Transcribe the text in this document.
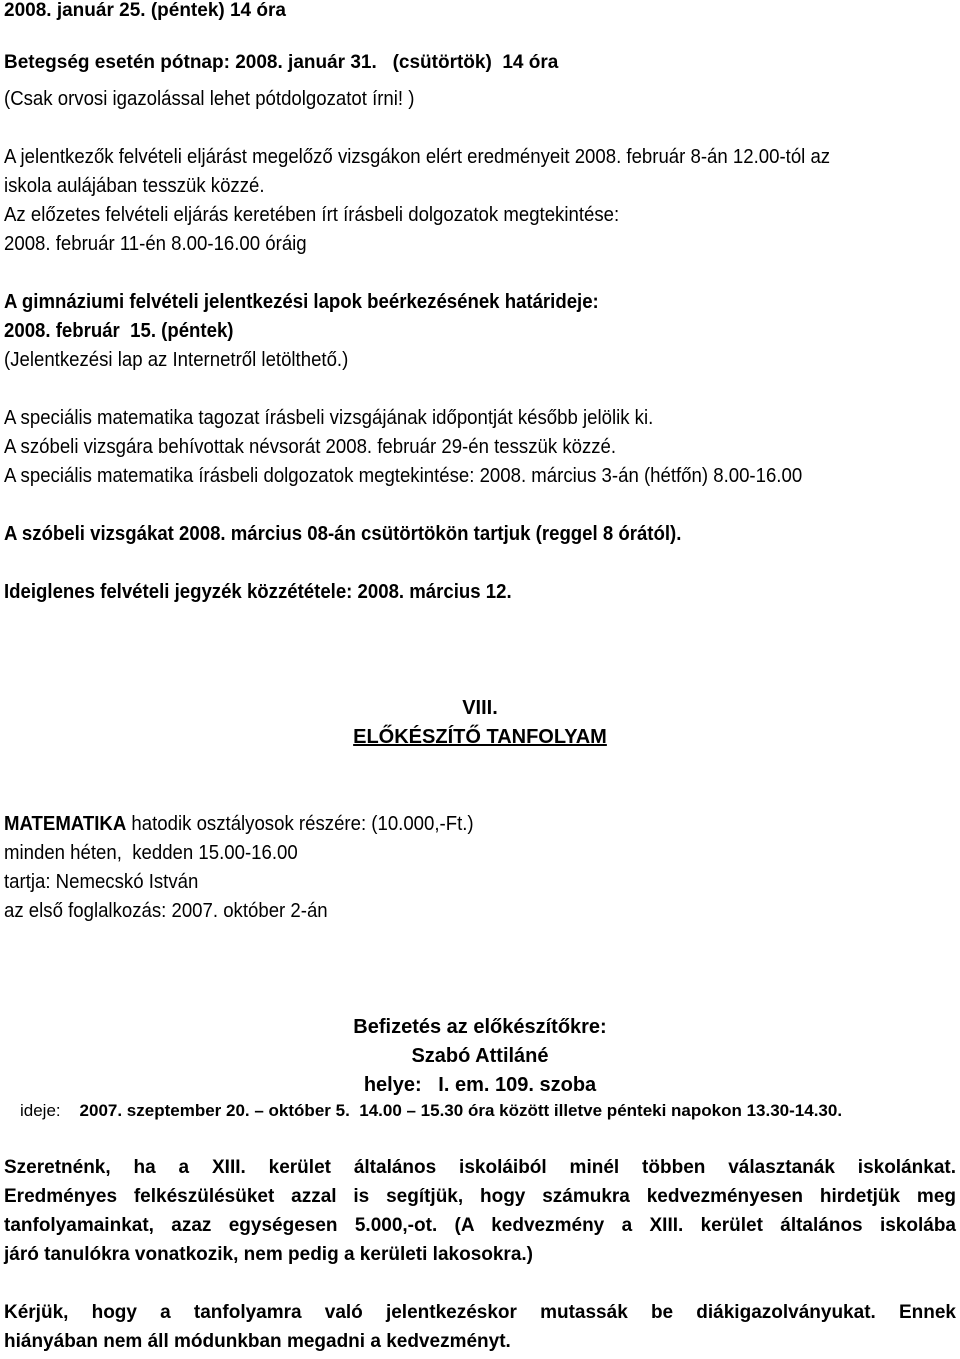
2008. január 25. (péntek) 14 óra
Betegség esetén pótnap: 2008. január 31.   (csütörtök)  14 óra
(Csak orvosi igazolással lehet pótdolgozatot írni! )
A jelentkezők felvételi eljárást megelőző vizsgákon elért eredményeit 2008. február 8-án 12.00-tól az
iskola aulájában tesszük közzé.
Az előzetes felvételi eljárás keretében írt írásbeli dolgozatok megtekintése:
2008. február 11-én 8.00-16.00 óráig
A gimnáziumi felvételi jelentkezési lapok beérkezésének határideje:
2008. február  15. (péntek)
(Jelentkezési lap az Internetről letölthető.)
A speciális matematika tagozat írásbeli vizsgájának időpontját később jelölik ki.
A szóbeli vizsgára behívottak névsorát 2008. február 29-én tesszük közzé.
A speciális matematika írásbeli dolgozatok megtekintése: 2008. március 3-án (hétfőn) 8.00-16.00
A szóbeli vizsgákat 2008. március 08-án csütörtökön tartjuk (reggel 8 órától).
Ideiglenes felvételi jegyzék közzététele: 2008. március 12.
VIII.
ELŐKÉSZÍTŐ TANFOLYAM
MATEMATIKA hatodik osztályosok részére: (10.000,-Ft.)
minden héten,  kedden 15.00-16.00
tartja: Nemecskó István
az első foglalkozás: 2007. október 2-án
Befizetés az előkészítőkre:
Szabó Attiláné
helye:   I. em. 109. szoba
ideje: 2007. szeptember 20. – október 5.  14.00 – 15.30 óra között illetve pénteki napokon 13.30-14.30.
Szeretnénk, ha a XIII. kerület általános iskoláiból minél többen választanák iskolánkat.
Eredményes felkészülésüket azzal is segítjük, hogy számukra kedvezményesen hirdetjük meg
tanfolyamainkat, azaz egységesen 5.000,-ot. (A kedvezmény a XIII. kerület általános iskolába
járó tanulókra vonatkozik, nem pedig a kerületi lakosokra.)
Kérjük, hogy a tanfolyamra való jelentkezéskor mutassák be diákigazolványukat. Ennek
hiányában nem áll módunkban megadni a kedvezményt.
